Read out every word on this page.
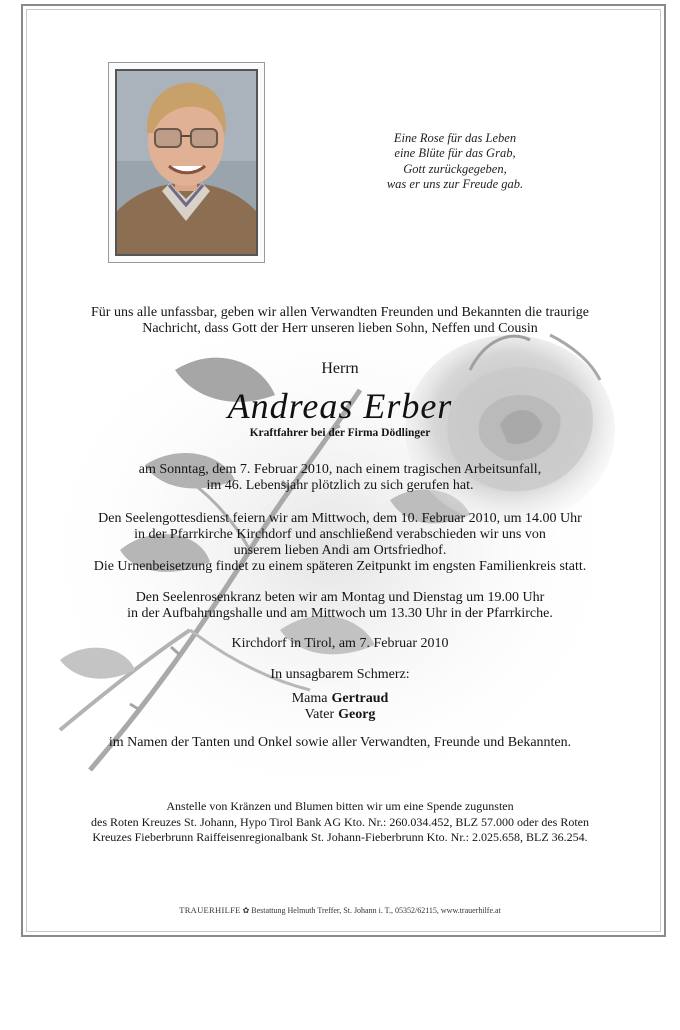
Eine Rose für das Leben
eine Blüte für das Grab,
Gott zurückgegeben,
was er uns zur Freude gab.
Für uns alle unfassbar, geben wir allen Verwandten Freunden und Bekannten die traurige
Nachricht, dass Gott der Herr unseren lieben Sohn, Neffen und Cousin
Herrn
Andreas Erber
Kraftfahrer bei der Firma Dödlinger
am Sonntag, dem 7. Februar 2010, nach einem tragischen Arbeitsunfall,
im 46. Lebensjahr plötzlich zu sich gerufen hat.
Den Seelengottesdienst feiern wir am Mittwoch, dem 10. Februar 2010, um 14.00 Uhr
in der Pfarrkirche Kirchdorf und anschließend verabschieden wir uns von
unserem lieben Andi am Ortsfriedhof.
Die Urnenbeisetzung findet zu einem späteren Zeitpunkt im engsten Familienkreis statt.
Den Seelenrosenkranz beten wir am Montag und Dienstag um 19.00 Uhr
in der Aufbahrungshalle und am Mittwoch um 13.30 Uhr in der Pfarrkirche.
Kirchdorf in Tirol, am 7. Februar 2010
In unsagbarem Schmerz:
Mama Gertraud
Vater Georg
im Namen der Tanten und Onkel sowie aller Verwandten, Freunde und Bekannten.
Anstelle von Kränzen und Blumen bitten wir um eine Spende zugunsten
des Roten Kreuzes St. Johann, Hypo Tirol Bank AG Kto. Nr.: 260.034.452, BLZ 57.000 oder des Roten
Kreuzes Fieberbrunn Raiffeisenregionalbank St. Johann-Fieberbrunn Kto. Nr.: 2.025.658, BLZ 36.254.
TRAUERHILFE ✿ Bestattung Helmuth Treffer, St. Johann i. T., 05352/62115, www.trauerhilfe.at
